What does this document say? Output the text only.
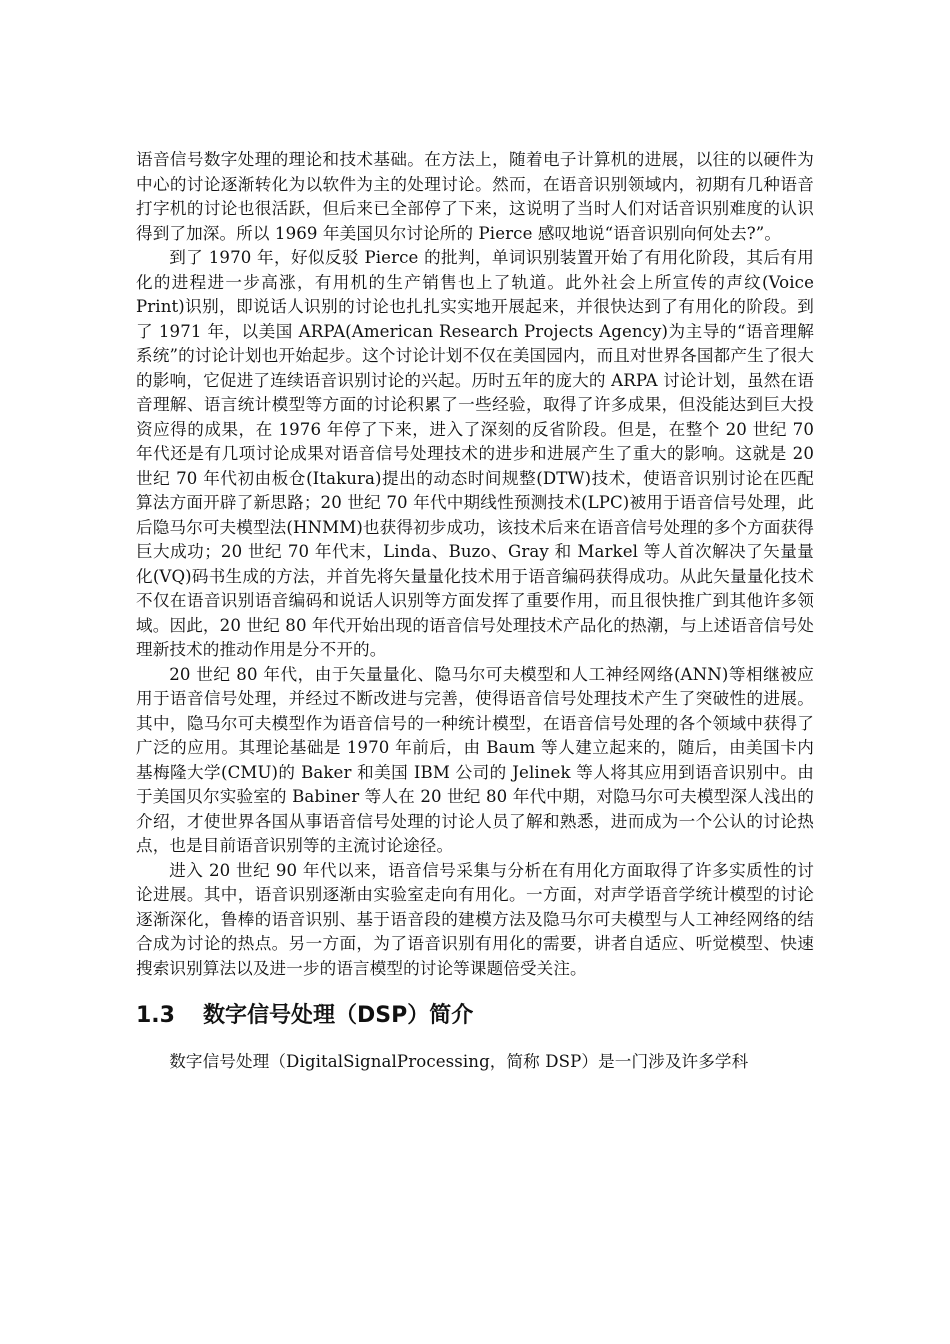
语音信号数字处理的理论和技术基础。在方法上，随着电子计算机的进展，以往的以硬件为中心的讨论逐渐转化为以软件为主的处理讨论。然而，在语音识别领域内，初期有几种语音打字机的讨论也很活跃，但后来已全部停了下来，这说明了当时人们对话音识别难度的认识得到了加深。所以 1969 年美国贝尔讨论所的 Pierce 感叹地说“语音识别向何处去?”。

到了 1970 年，好似反驳 Pierce 的批判，单词识别装置开始了有用化阶段，其后有用化的进程进一步高涨，有用机的生产销售也上了轨道。此外社会上所宣传的声纹(Voice Print)识别，即说话人识别的讨论也扎扎实实地开展起来，并很快达到了有用化的阶段。到了 1971 年，以美国 ARPA(American Research Projects Agency)为主导的“语音理解系统”的讨论计划也开始起步。这个讨论计划不仅在美国园内，而且对世界各国都产生了很大的影响，它促进了连续语音识别讨论的兴起。历时五年的庞大的 ARPA 讨论计划，虽然在语音理解、语言统计模型等方面的讨论积累了一些经验，取得了许多成果，但没能达到巨大投资应得的成果，在 1976 年停了下来，进入了深刻的反省阶段。但是，在整个 20 世纪 70 年代还是有几项讨论成果对语音信号处理技术的进步和进展产生了重大的影响。这就是 20 世纪 70 年代初由板仓(Itakura)提出的动态时间规整(DTW)技术，使语音识别讨论在匹配算法方面开辟了新思路；20 世纪 70 年代中期线性预测技术(LPC)被用于语音信号处理，此后隐马尔可夫模型法(HNMM)也获得初步成功，该技术后来在语音信号处理的多个方面获得巨大成功；20 世纪 70 年代末，Linda、Buzo、Gray 和 Markel 等人首次解决了矢量量化(VQ)码书生成的方法，并首先将矢量量化技术用于语音编码获得成功。从此矢量量化技术不仅在语音识别语音编码和说话人识别等方面发挥了重要作用，而且很快推广到其他许多领域。因此，20 世纪 80 年代开始出现的语音信号处理技术产品化的热潮，与上述语音信号处理新技术的推动作用是分不开的。

20 世纪 80 年代，由于矢量量化、隐马尔可夫模型和人工神经网络(ANN)等相继被应用于语音信号处理，并经过不断改进与完善，使得语音信号处理技术产生了突破性的进展。其中，隐马尔可夫模型作为语音信号的一种统计模型，在语音信号处理的各个领域中获得了广泛的应用。其理论基础是 1970 年前后，由 Baum 等人建立起来的，随后，由美国卡内基梅隆大学(CMU)的 Baker 和美国 IBM 公司的 Jelinek 等人将其应用到语音识别中。由于美国贝尔实验室的 Babiner 等人在 20 世纪 80 年代中期，对隐马尔可夫模型深人浅出的介绍，才使世界各国从事语音信号处理的讨论人员了解和熟悉，进而成为一个公认的讨论热点，也是目前语音识别等的主流讨论途径。

进入 20 世纪 90 年代以来，语音信号采集与分析在有用化方面取得了许多实质性的讨论进展。其中，语音识别逐渐由实验室走向有用化。一方面，对声学语音学统计模型的讨论逐渐深化，鲁棒的语音识别、基于语音段的建模方法及隐马尔可夫模型与人工神经网络的结合成为讨论的热点。另一方面，为了语音识别有用化的需要，讲者自适应、听觉模型、快速搜索识别算法以及进一步的语言模型的讨论等课题倍受关注。

1.3 数字信号处理（DSP）简介

数字信号处理（DigitalSignalProcessing，简称 DSP）是一门涉及许多学科
